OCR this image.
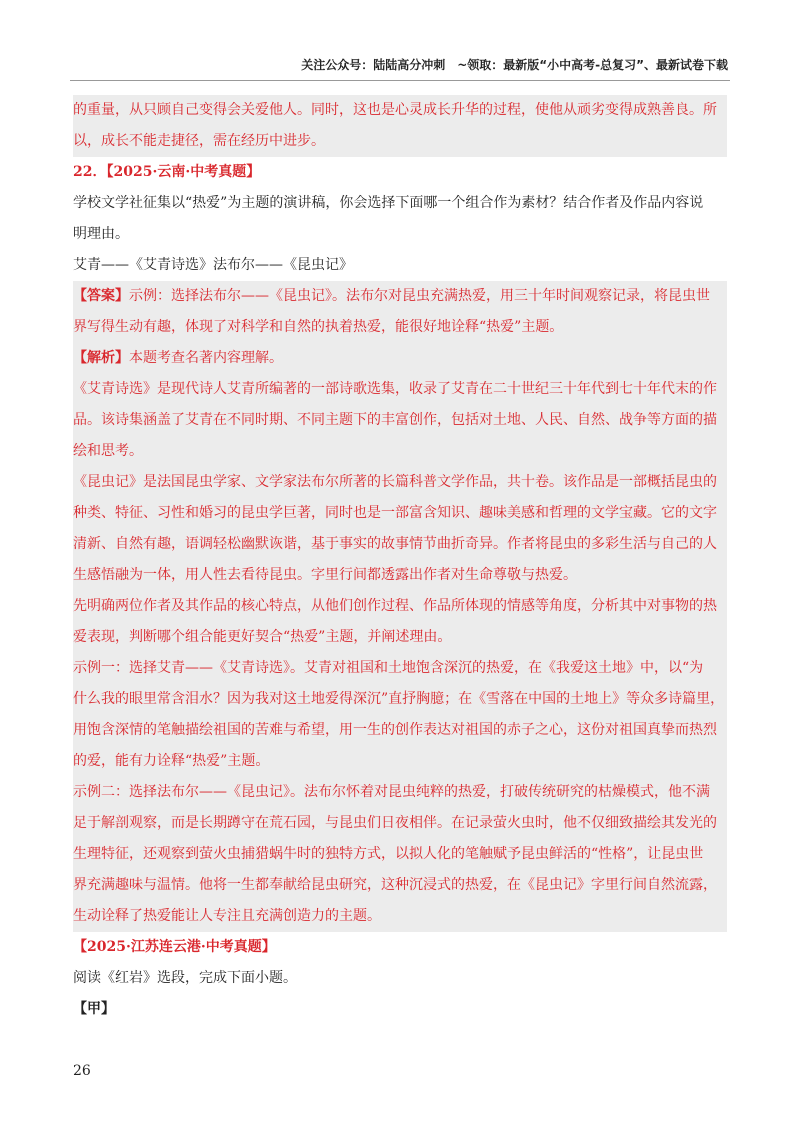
关注公众号：陆陆高分冲刺　~领取：最新版“小中高考-总复习”、最新试卷下载
的重量，从只顾自己变得会关爱他人。同时，这也是心灵成长升华的过程，使他从顽劣变得成熟善良。所
以，成长不能走捷径，需在经历中进步。
22．【2025·云南·中考真题】
学校文学社征集以“热爱”为主题的演讲稿，你会选择下面哪一个组合作为素材？结合作者及作品内容说
明理由。
艾青——《艾青诗选》法布尔——《昆虫记》
【答案】示例：选择法布尔——《昆虫记》。法布尔对昆虫充满热爱，用三十年时间观察记录，将昆虫世
界写得生动有趣，体现了对科学和自然的执着热爱，能很好地诠释“热爱”主题。
【解析】本题考查名著内容理解。
《艾青诗选》是现代诗人艾青所编著的一部诗歌选集，收录了艾青在二十世纪三十年代到七十年代末的作
品。该诗集涵盖了艾青在不同时期、不同主题下的丰富创作，包括对土地、人民、自然、战争等方面的描
绘和思考。
《昆虫记》是法国昆虫学家、文学家法布尔所著的长篇科普文学作品，共十卷。该作品是一部概括昆虫的
种类、特征、习性和婚习的昆虫学巨著，同时也是一部富含知识、趣味美感和哲理的文学宝藏。它的文字
清新、自然有趣，语调轻松幽默诙谐，基于事实的故事情节曲折奇异。作者将昆虫的多彩生活与自己的人
生感悟融为一体，用人性去看待昆虫。字里行间都透露出作者对生命尊敬与热爱。
先明确两位作者及其作品的核心特点，从他们创作过程、作品所体现的情感等角度，分析其中对事物的热
爱表现，判断哪个组合能更好契合“热爱”主题，并阐述理由。
示例一：选择艾青——《艾青诗选》。艾青对祖国和土地饱含深沉的热爱，在《我爱这土地》中，以“为
什么我的眼里常含泪水？因为我对这土地爱得深沉”直抒胸臆；在《雪落在中国的土地上》等众多诗篇里，
用饱含深情的笔触描绘祖国的苦难与希望，用一生的创作表达对祖国的赤子之心，这份对祖国真挚而热烈
的爱，能有力诠释“热爱”主题。
示例二：选择法布尔——《昆虫记》。法布尔怀着对昆虫纯粹的热爱，打破传统研究的枯燥模式，他不满
足于解剖观察，而是长期蹲守在荒石园，与昆虫们日夜相伴。在记录萤火虫时，他不仅细致描绘其发光的
生理特征，还观察到萤火虫捕猎蜗牛时的独特方式，以拟人化的笔触赋予昆虫鲜活的“性格”，让昆虫世
界充满趣味与温情。他将一生都奉献给昆虫研究，这种沉浸式的热爱，在《昆虫记》字里行间自然流露，
生动诠释了热爱能让人专注且充满创造力的主题。
【2025·江苏连云港·中考真题】
阅读《红岩》选段，完成下面小题。
【甲】
26
